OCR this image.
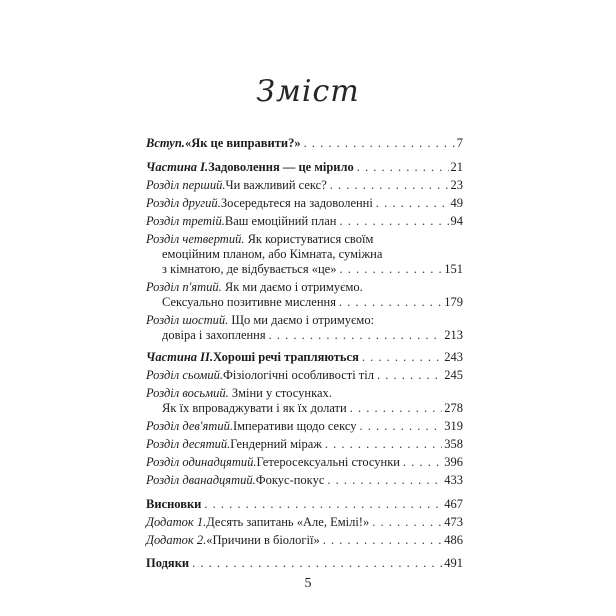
Зміст
Вступ. «Як це виправити?» . . .	7
Частина I. Задоволення — це мірило . . .	21
Розділ перший. Чи важливий секс? . . .	23
Розділ другий. Зосередьтеся на задоволенні . . .	49
Розділ третій. Ваш емоційний план . . .	94
Розділ четвертий. Як користуватися своїм
емоційним планом, або Кімната, суміжна
з кімнатою, де відбувається «це» . . .	151
Розділ п'ятий. Як ми даємо і отримуємо.
Сексуально позитивне мислення . . .	179
Розділ шостий. Що ми даємо і отримуємо:
довіра і захоплення . . .	213
Частина II. Хороші речі трапляються . . .	243
Розділ сьомий. Фізіологічні особливості тіл . . .	245
Розділ восьмий. Зміни у стосунках.
Як їх впроваджувати і як їх долати . . .	278
Розділ дев'ятий. Імперативи щодо сексу . . .	319
Розділ десятий. Гендерний міраж . . .	358
Розділ одинадцятий. Гетеросексуальні стосунки . . .	396
Розділ дванадцятий. Фокус-покус . . .	433
Висновки . . .	467
Додаток 1. Десять запитань «Але, Емілі!» . . .	473
Додаток 2. «Причини в біології» . . .	486
Подяки . . .	491
5
